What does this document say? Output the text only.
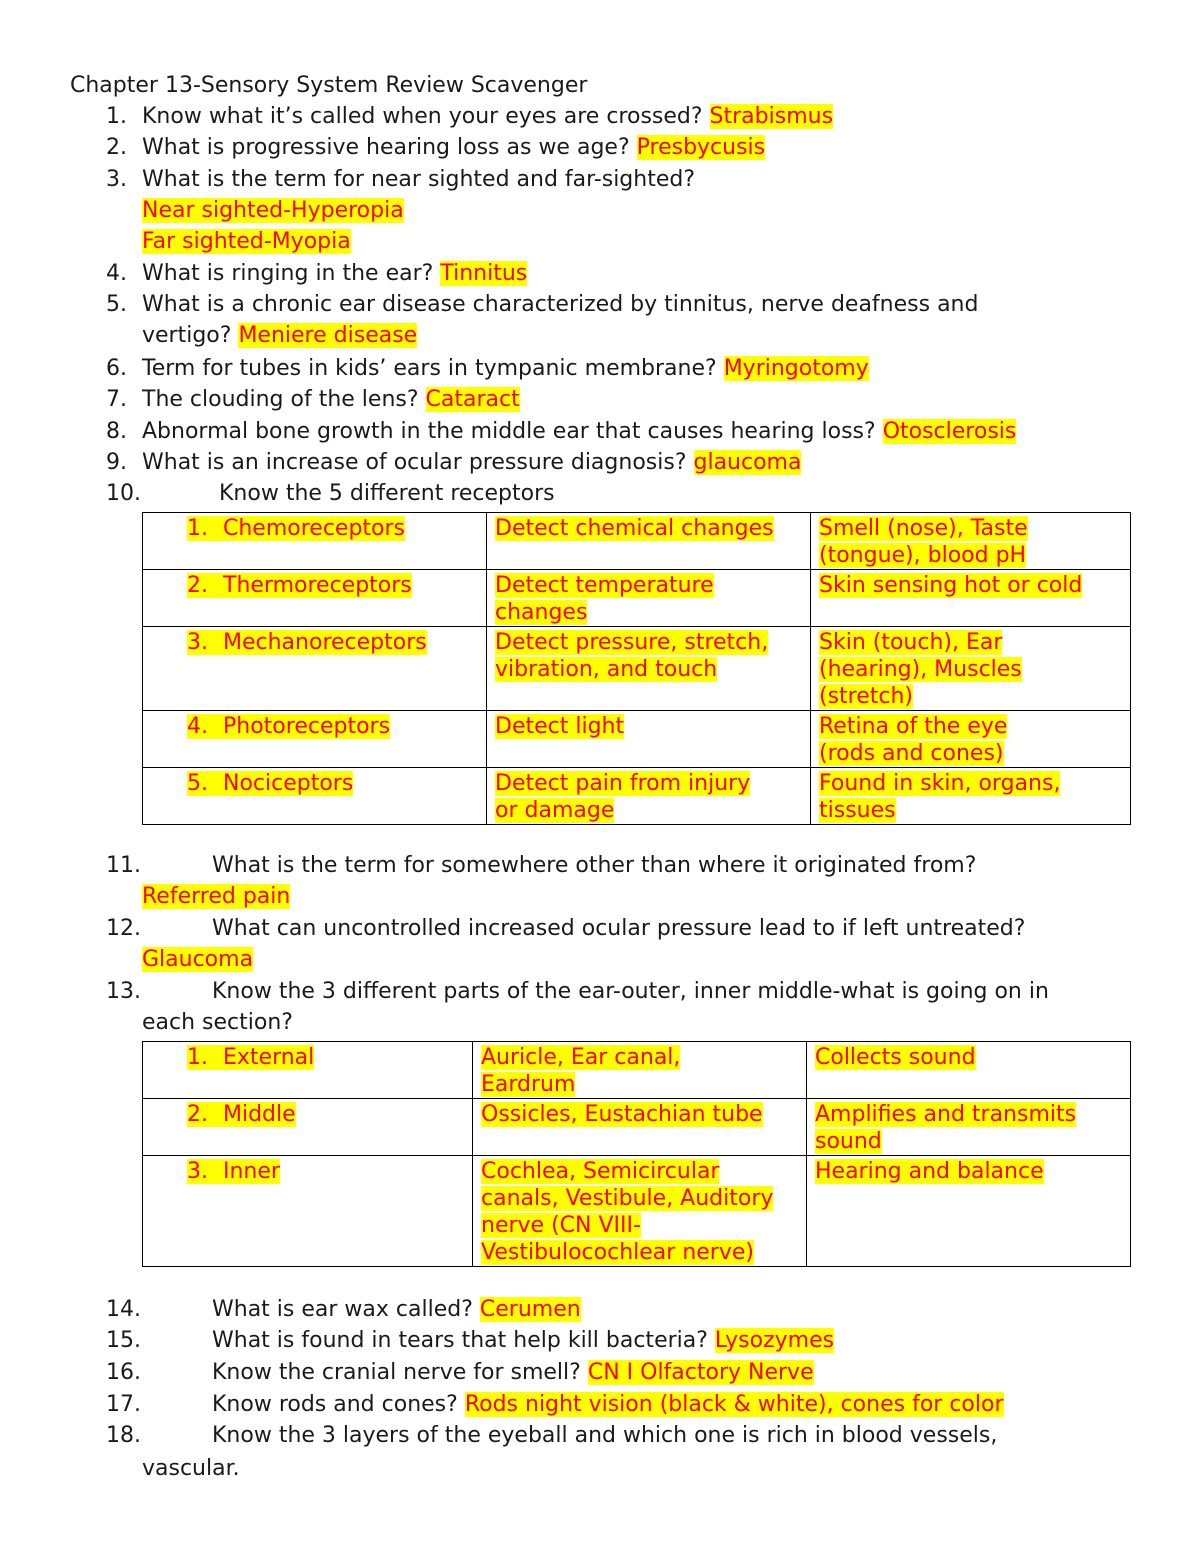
Chapter 13-Sensory System Review Scavenger
1. Know what it’s called when your eyes are crossed? Strabismus
2. What is progressive hearing loss as we age? Presbycusis
3. What is the term for near sighted and far-sighted?
Near sighted-Hyperopia
Far sighted-Myopia
4. What is ringing in the ear? Tinnitus
5. What is a chronic ear disease characterized by tinnitus, nerve deafness and
vertigo? Meniere disease
6. Term for tubes in kids’ ears in tympanic membrane? Myringotomy
7. The clouding of the lens? Cataract
8. Abnormal bone growth in the middle ear that causes hearing loss? Otosclerosis
9. What is an increase of ocular pressure diagnosis? glaucoma
10.	Know the 5 different receptors
1. Chemoreceptors	Detect chemical changes	Smell (nose), Taste
(tongue), blood pH

2. Thermoreceptors	Detect temperature
changes	Skin sensing hot or cold

3. Mechanoreceptors	Detect pressure, stretch,
vibration, and touch	Skin (touch), Ear
(hearing), Muscles
(stretch)

4. Photoreceptors	Detect light	Retina of the eye
(rods and cones)

5. Nociceptors	Detect pain from injury
or damage	Found in skin, organs,
tissues
11.	What is the term for somewhere other than where it originated from?
Referred pain
12.	What can uncontrolled increased ocular pressure lead to if left untreated?
Glaucoma
13.	Know the 3 different parts of the ear-outer, inner middle-what is going on in
each section?
1. External	Auricle, Ear canal,
Eardrum	Collects sound

2. Middle	Ossicles, Eustachian tube	Amplifies and transmits
sound

3. Inner	Cochlea, Semicircular
canals, Vestibule, Auditory
nerve (CN VIII-
Vestibulocochlear nerve)	Hearing and balance
14.	What is ear wax called? Cerumen
15.	What is found in tears that help kill bacteria? Lysozymes
16.	Know the cranial nerve for smell? CN I Olfactory Nerve
17.	Know rods and cones? Rods night vision (black & white), cones for color
18.	Know the 3 layers of the eyeball and which one is rich in blood vessels,
vascular.
